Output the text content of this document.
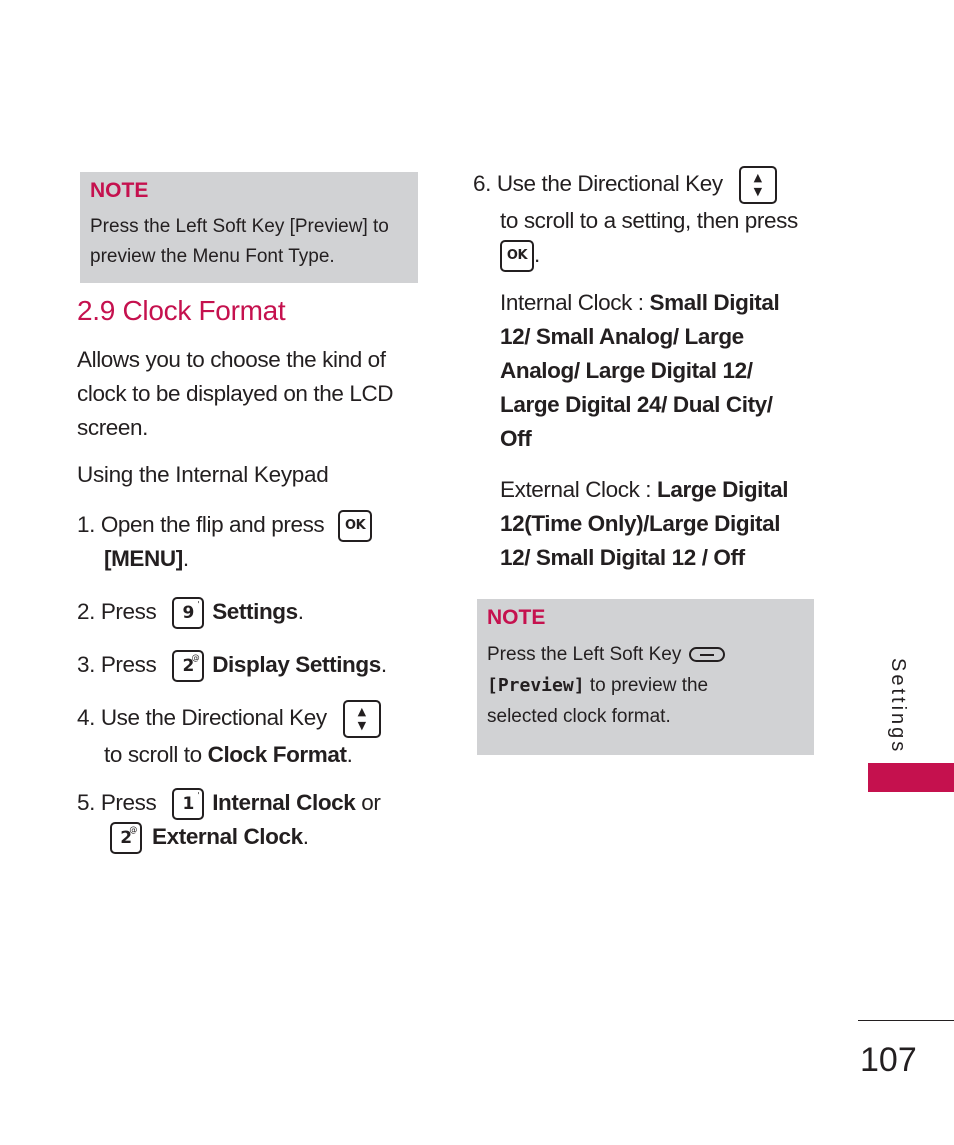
NOTE
Press the Left Soft Key [Preview] to
preview the Menu Font Type.
2.9 Clock Format
Allows you to choose the kind of
clock to be displayed on the LCD
screen.
Using the Internal Keypad
1. Open the flip and press OK
[MENU].
2. Press 9 ' Settings.
3. Press 2
@ Display Settings.
4. Use the Directional Key	▲
▼
to scroll to Clock Format.
5. Press 1 ' Internal Clock or
2
@ External Clock.
6. Use the Directional Key	▲
▼
to scroll to a setting, then press
OK .
Internal Clock : Small Digital
12/ Small Analog/ Large
Analog/ Large Digital 12/
Large Digital 24/ Dual City/
Off
External Clock : Large Digital
12(Time Only)/Large Digital
12/ Small Digital 12 / Off
NOTE
Press the Left Soft Key
[Preview] to preview the
selected clock format.	Settings
107
